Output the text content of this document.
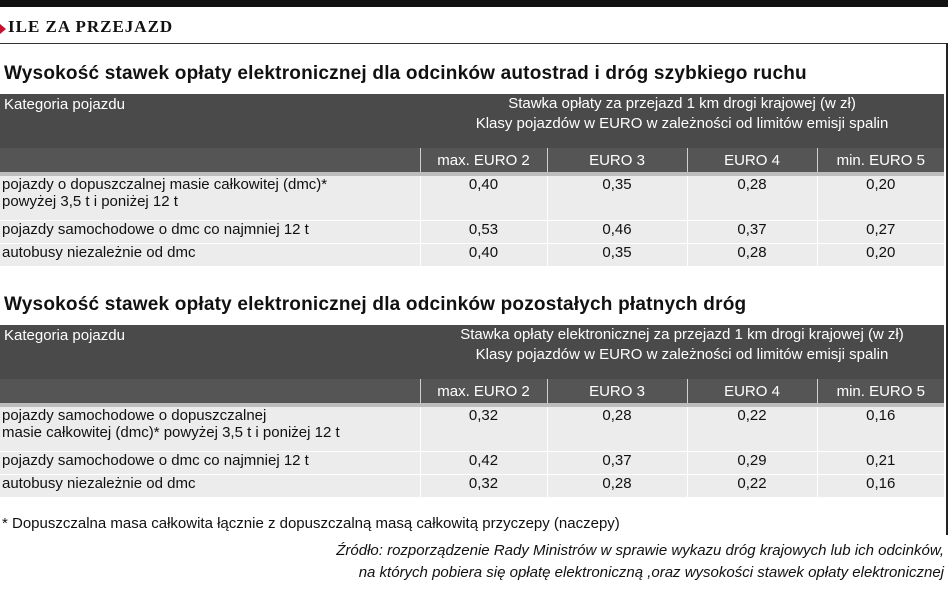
ILE ZA PRZEJAZD
Wysokość stawek opłaty elektronicznej dla odcinków autostrad i dróg szybkiego ruchu
Kategoria pojazdu	Stawka opłaty za przejazd 1 km drogi krajowej (w zł)
Klasy pojazdów w EURO w zależności od limitów emisji spalin			

	max. EURO 2	EURO 3	EURO 4	min. EURO 5

pojazdy o dopuszczalnej masie całkowitej (dmc)*
powyżej 3,5 t i poniżej 12 t	0,40	0,35	0,28	0,20
pojazdy samochodowe o dmc co najmniej 12 t	0,53	0,46	0,37	0,27
autobusy niezależnie od dmc	0,40	0,35	0,28	0,20
Wysokość stawek opłaty elektronicznej dla odcinków pozostałych płatnych dróg
Kategoria pojazdu	Stawka opłaty elektronicznej za przejazd 1 km drogi krajowej (w zł)
Klasy pojazdów w EURO w zależności od limitów emisji spalin			

	max. EURO 2	EURO 3	EURO 4	min. EURO 5

pojazdy samochodowe o dopuszczalnej
masie całkowitej (dmc)* powyżej 3,5 t i poniżej 12 t	0,32	0,28	0,22	0,16
pojazdy samochodowe o dmc co najmniej 12 t	0,42	0,37	0,29	0,21
autobusy niezależnie od dmc	0,32	0,28	0,22	0,16
* Dopuszczalna masa całkowita łącznie z dopuszczalną masą całkowitą przyczepy (naczepy)
Źródło: rozporządzenie Rady Ministrów w sprawie wykazu dróg krajowych lub ich odcinków,
na których pobiera się opłatę elektroniczną ,oraz wysokości stawek opłaty elektronicznej
